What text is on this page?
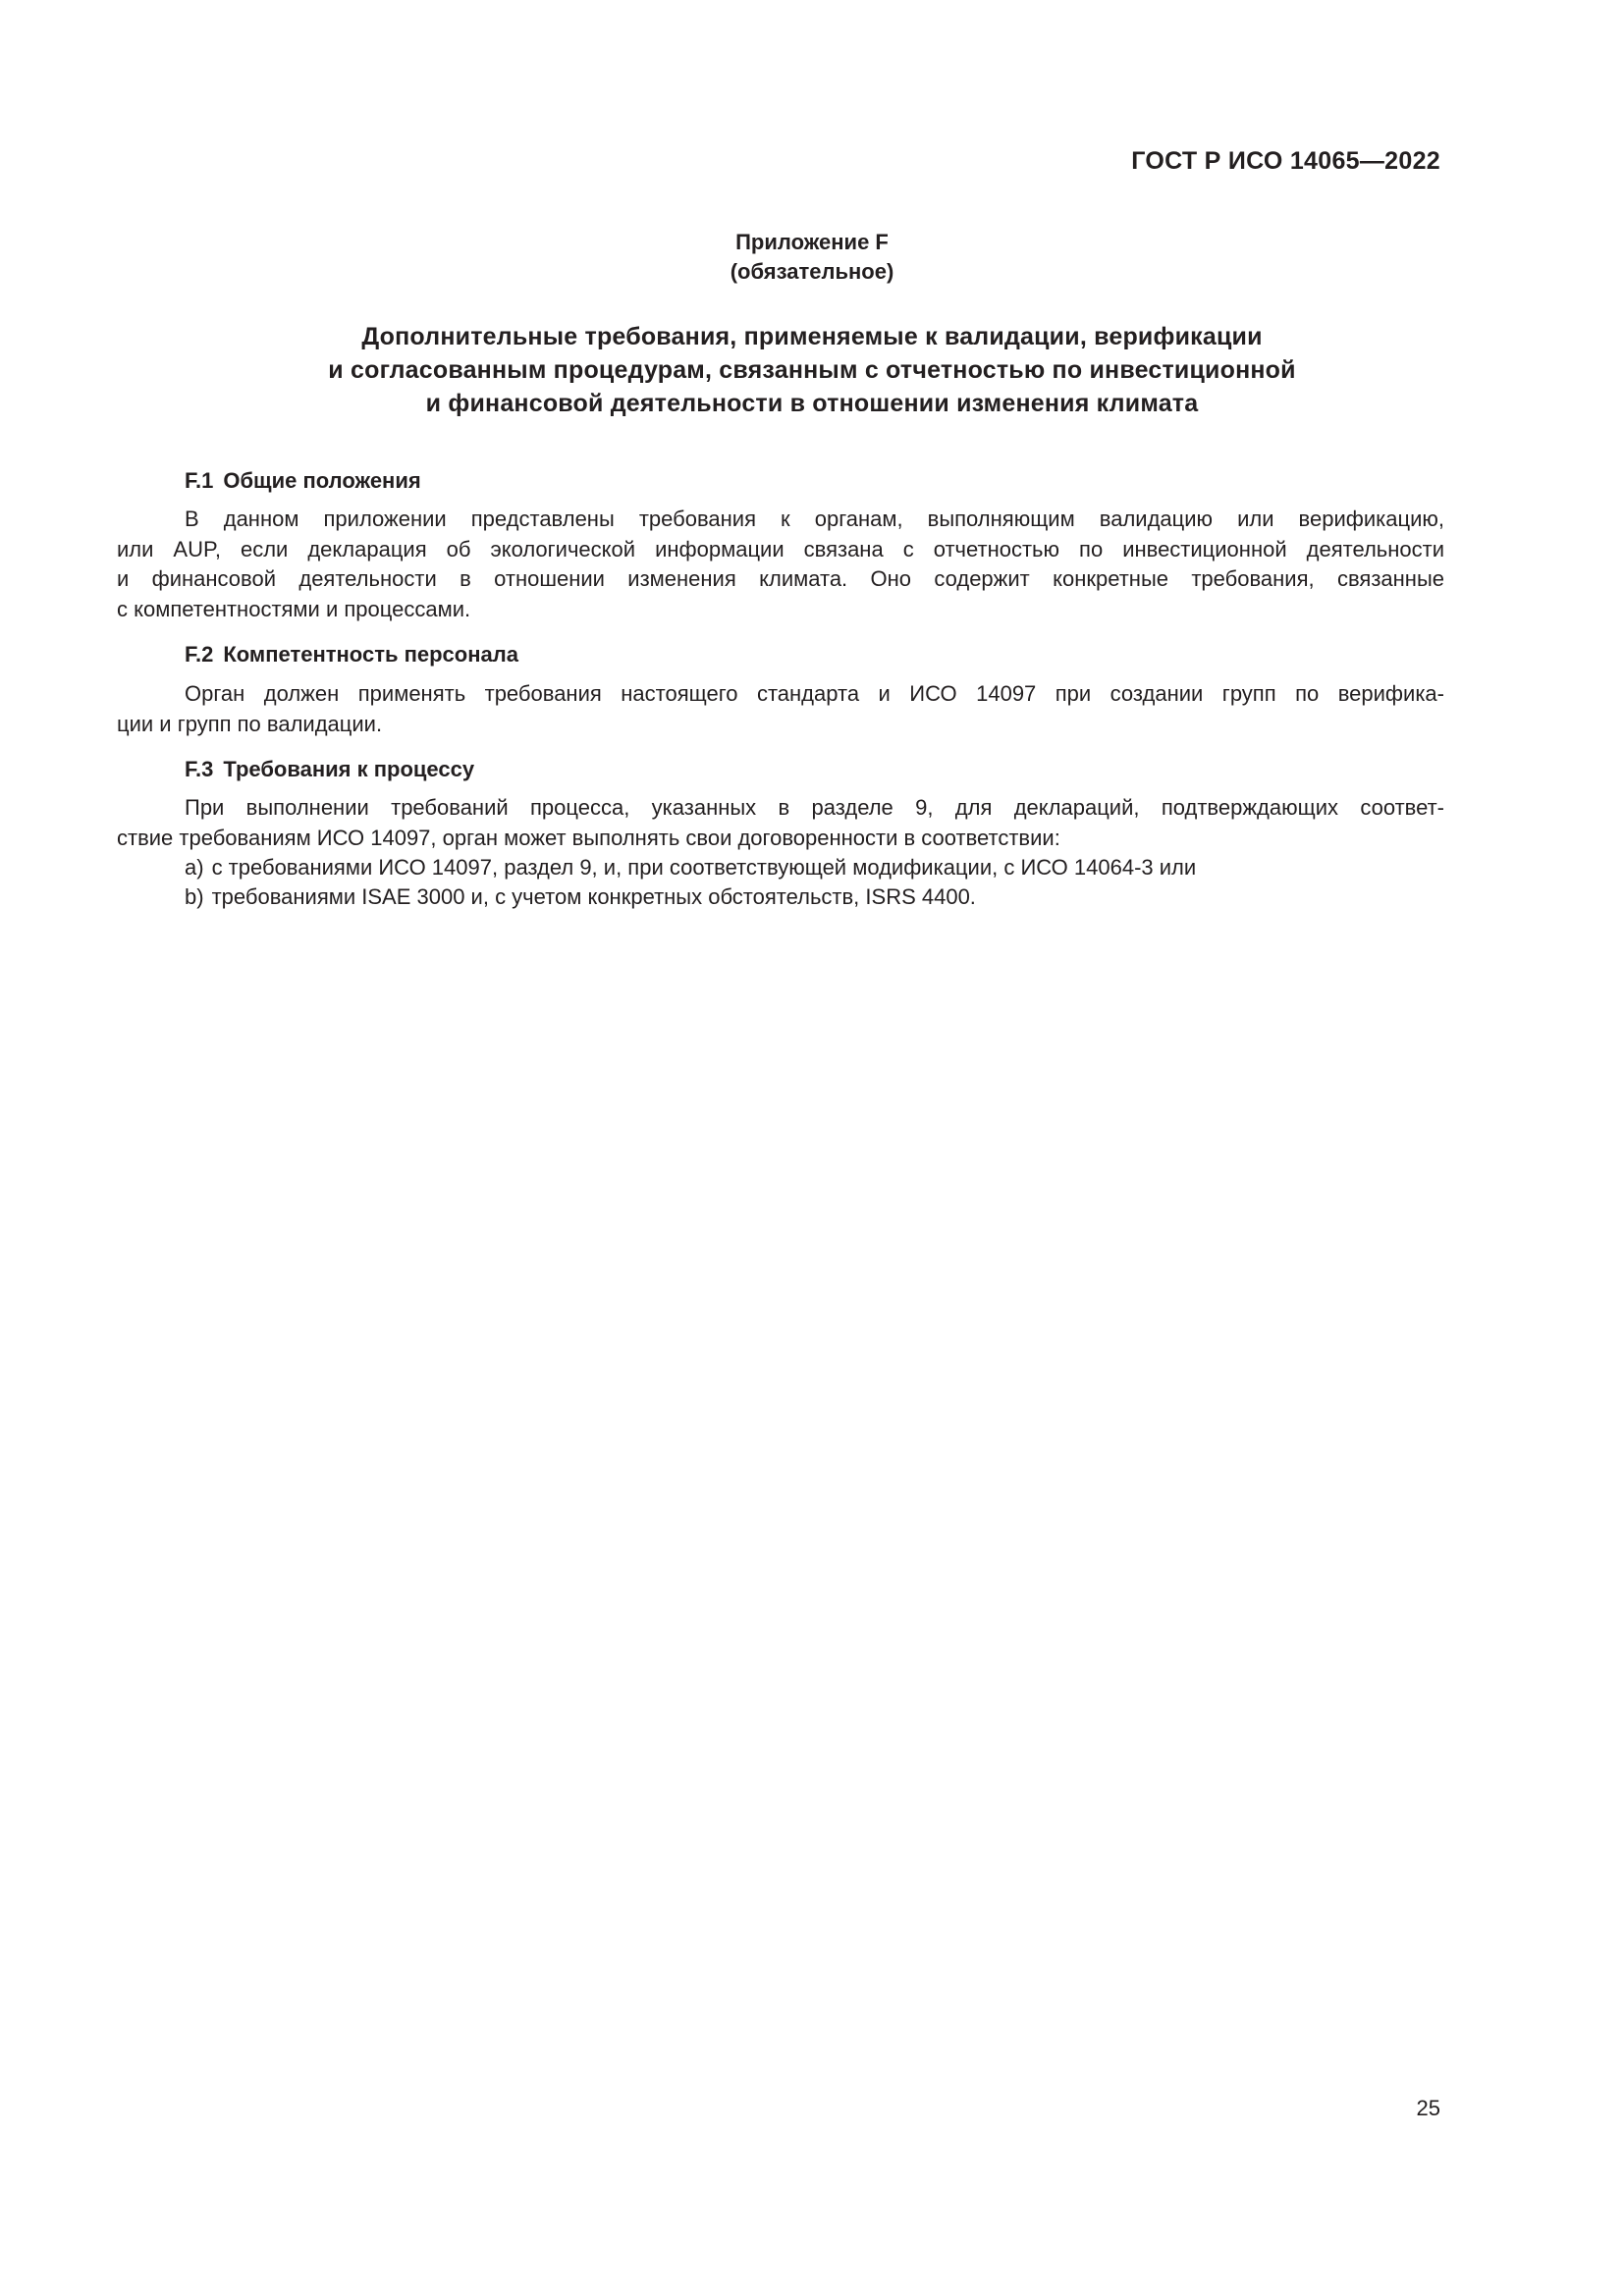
ГОСТ Р ИСО 14065—2022
Приложение F
(обязательное)
Дополнительные требования, применяемые к валидации, верификации
и согласованным процедурам, связанным с отчетностью по инвестиционной
и финансовой деятельности в отношении изменения климата
F.1 Общие положения
В данном приложении представлены требования к органам, выполняющим валидацию или верификацию,
или AUP, если декларация об экологической информации связана с отчетностью по инвестиционной деятельности
и финансовой деятельности в отношении изменения климата. Оно содержит конкретные требования, связанные
с компетентностями и процессами.
F.2 Компетентность персонала
Орган должен применять требования настоящего стандарта и ИСО 14097 при создании групп по верифика-
ции и групп по валидации.
F.3 Требования к процессу
При выполнении требований процесса, указанных в разделе 9, для деклараций, подтверждающих соответ-
ствие требованиям ИСО 14097, орган может выполнять свои договоренности в соответствии:
a) с требованиями ИСО 14097, раздел 9, и, при соответствующей модификации, с ИСО 14064-3 или
b) требованиями ISAE 3000 и, с учетом конкретных обстоятельств, ISRS 4400.
25
